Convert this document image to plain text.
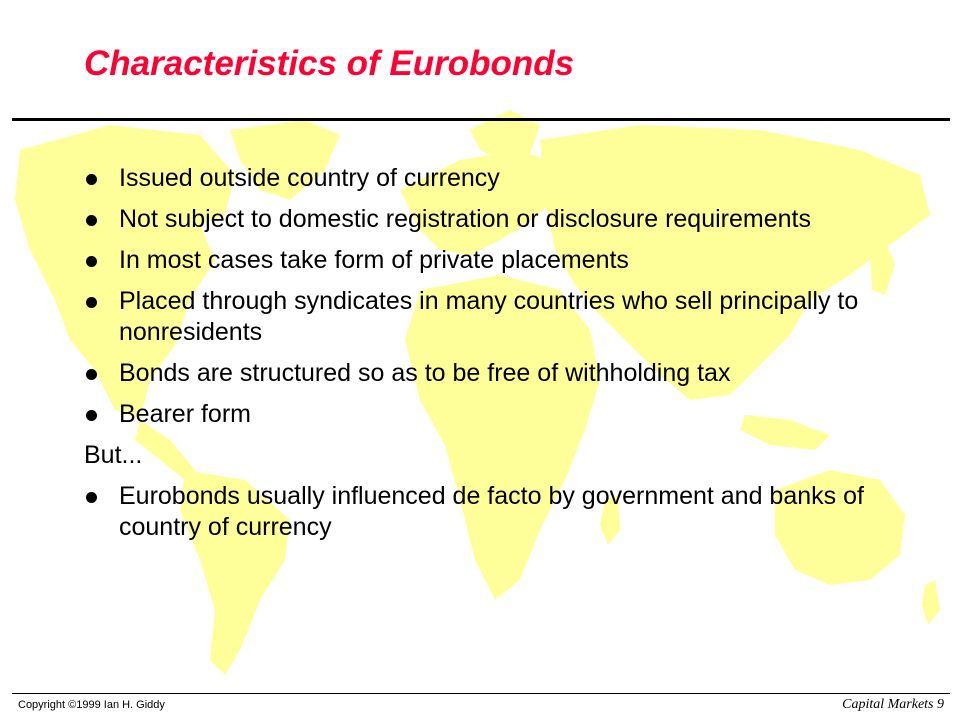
Characteristics of Eurobonds
Issued outside country of currency
Not subject to domestic registration or disclosure requirements
In most cases take form of private placements
Placed through syndicates in many countries who sell principally to nonresidents
Bonds are structured so as to be free of withholding tax
Bearer form
But...
Eurobonds usually influenced de facto by government and banks of country of currency
Copyright ©1999 Ian H. Giddy	Capital Markets 9
